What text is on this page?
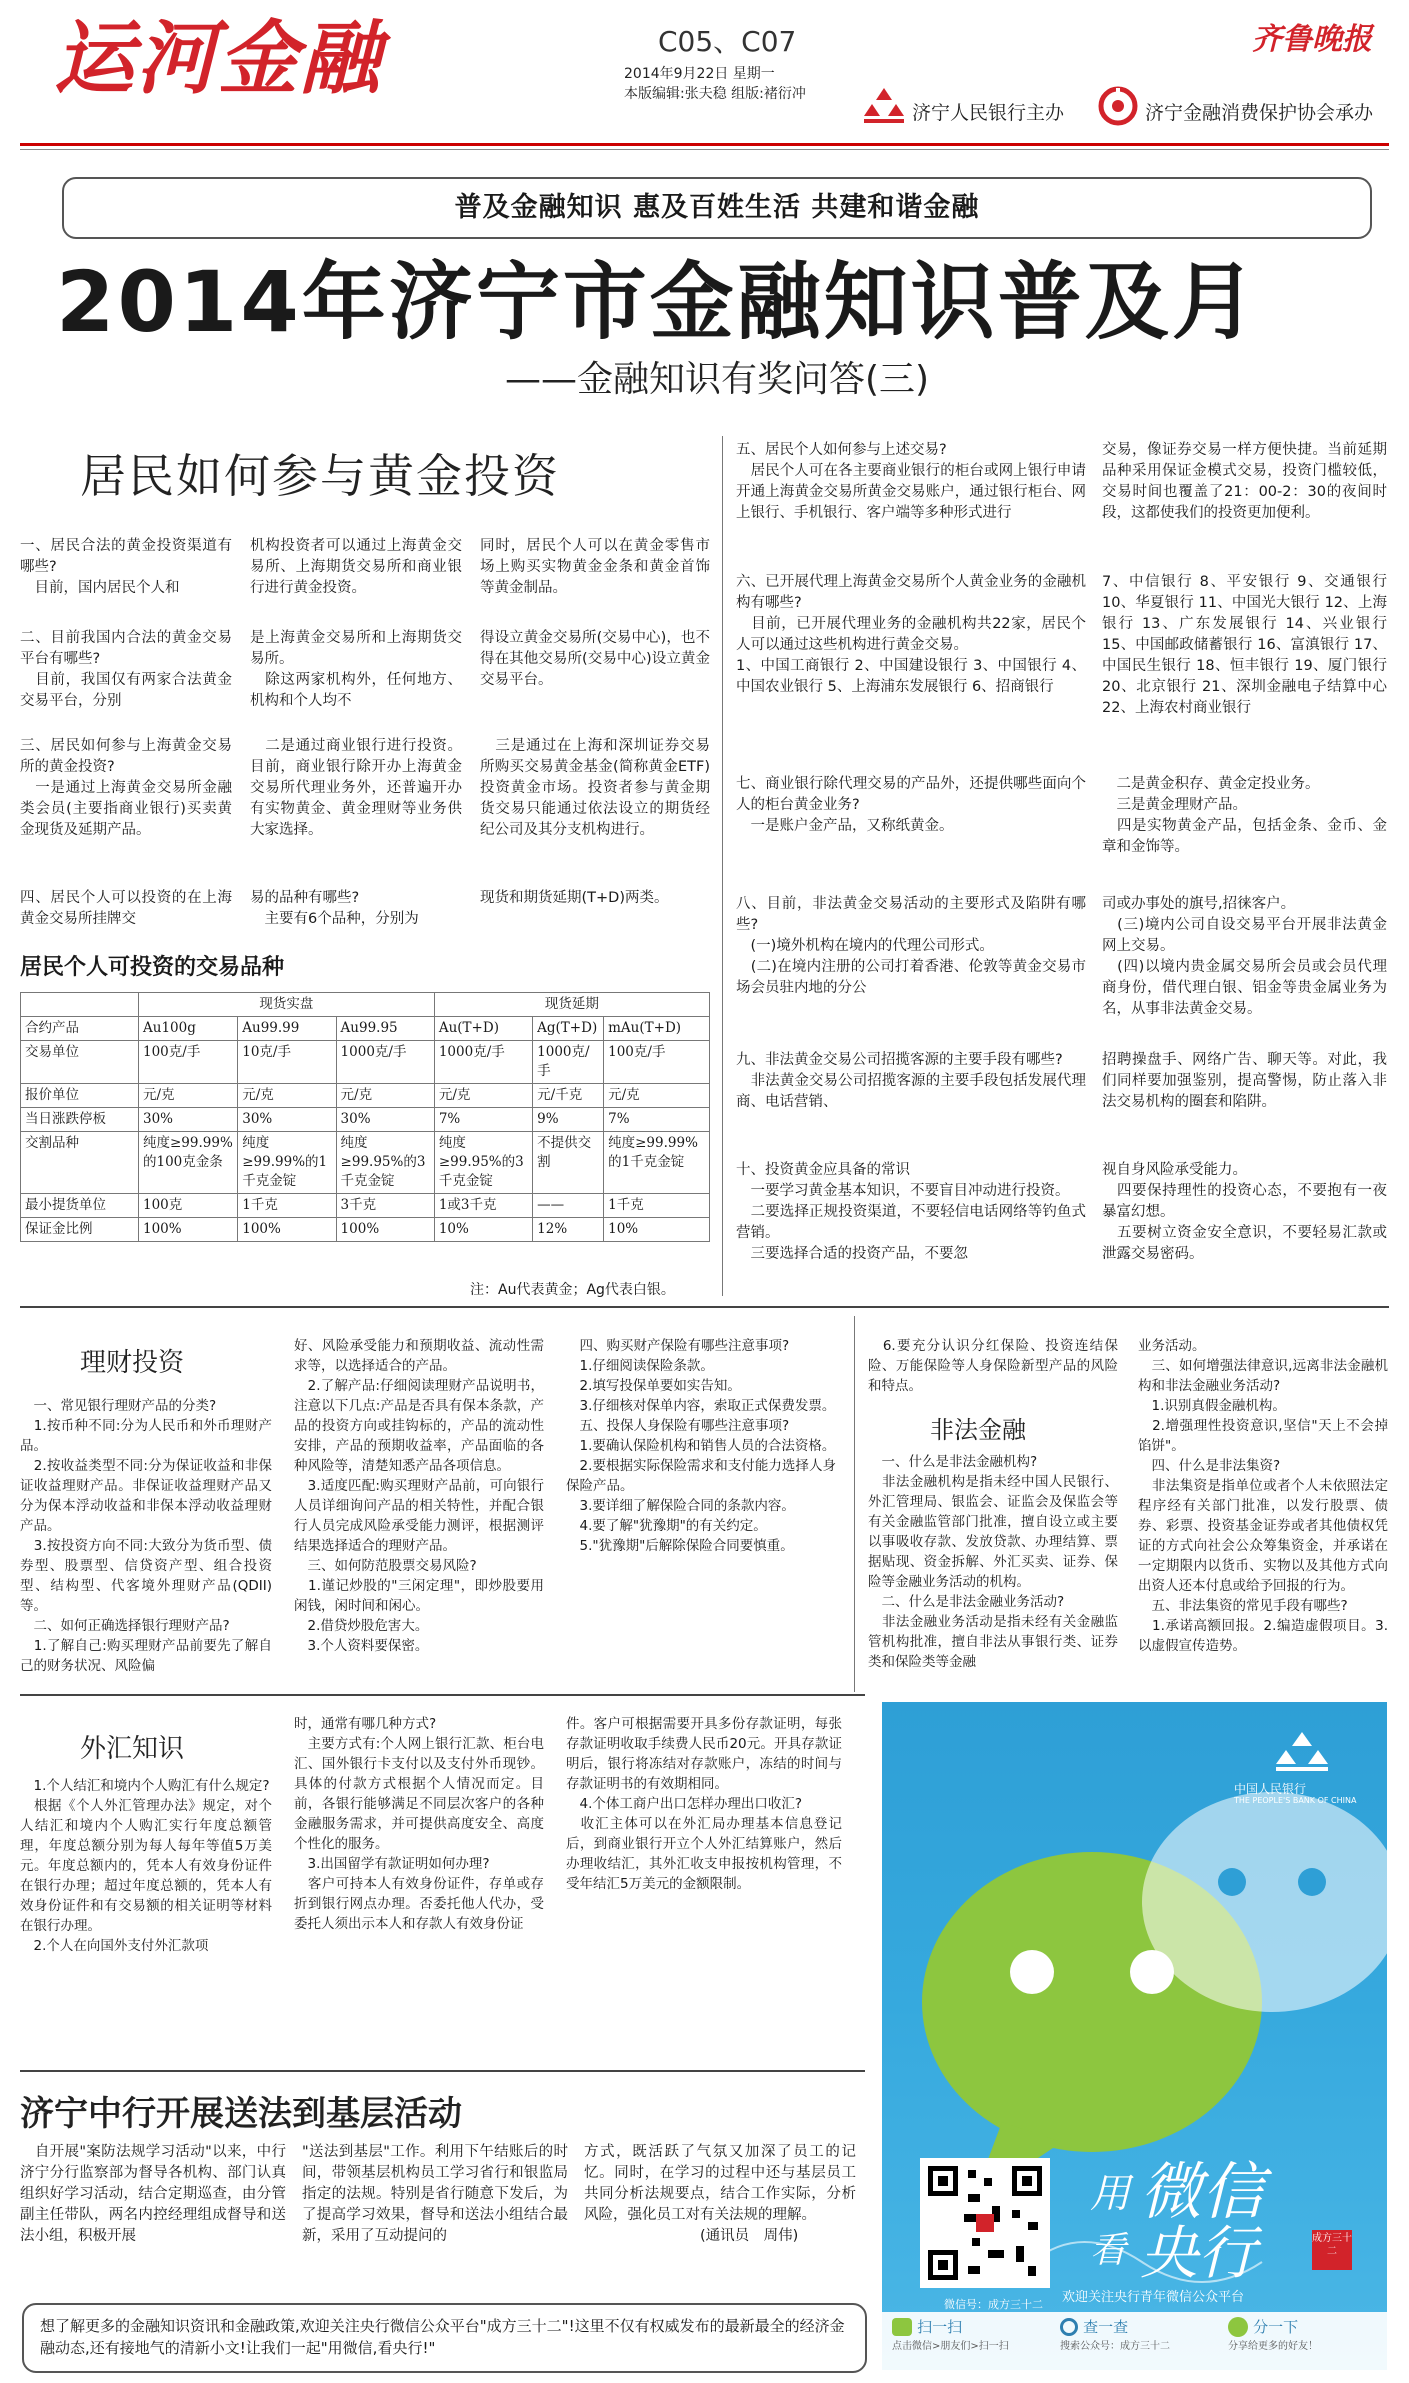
运河金融	C05、C07
2014年9月22日 星期一
本版编辑:张夫稳 组版:褚衍冲
齐鲁晚报
济宁人民银行主办	济宁金融消费保护协会承办
普及金融知识 惠及百姓生活 共建和谐金融
2014年济宁市金融知识普及月
——金融知识有奖问答(三)
居民如何参与黄金投资
一、居民合法的黄金投资渠道有哪些?
　目前，国内居民个人和
机构投资者可以通过上海黄金交易所、上海期货交易所和商业银行进行黄金投资。
同时，居民个人可以在黄金零售市场上购买实物黄金金条和黄金首饰等黄金制品。
二、目前我国内合法的黄金交易平台有哪些?
　目前，我国仅有两家合法黄金交易平台，分别
是上海黄金交易所和上海期货交易所。
　除这两家机构外，任何地方、机构和个人均不
得设立黄金交易所(交易中心)，也不得在其他交易所(交易中心)设立黄金交易平台。
三、居民如何参与上海黄金交易所的黄金投资?
　一是通过上海黄金交易所金融类会员(主要指商业银行)买卖黄金现货及延期产品。
　二是通过商业银行进行投资。目前，商业银行除开办上海黄金交易所代理业务外，还普遍开办有实物黄金、黄金理财等业务供大家选择。
　三是通过在上海和深圳证券交易所购买交易黄金基金(简称黄金ETF)投资黄金市场。投资者参与黄金期货交易只能通过依法设立的期货经纪公司及其分支机构进行。
四、居民个人可以投资的在上海黄金交易所挂牌交
易的品种有哪些?
　主要有6个品种，分别为
现货和期货延期(T+D)两类。
居民个人可投资的交易品种
	现货实盘			现货延期		
合约产品	Au100g	Au99.99	Au99.95	Au(T+D)	Ag(T+D)	mAu(T+D)
交易单位	100克/手	10克/手	1000克/手	1000克/手	1000克/手	100克/手
报价单位	元/克	元/克	元/克	元/克	元/千克	元/克
当日涨跌停板	30%	30%	30%	7%	9%	7%
交割品种	纯度≥99.99%的100克金条	纯度≥99.99%的1千克金锭	纯度≥99.95%的3千克金锭	纯度≥99.95%的3千克金锭	不提供交割	纯度≥99.99%的1千克金锭
最小提货单位	100克	1千克	3千克	1或3千克	——	1千克
保证金比例	100%	100%	100%	10%	12%	10%
注：Au代表黄金；Ag代表白银。
五、居民个人如何参与上述交易?
　居民个人可在各主要商业银行的柜台或网上银行申请开通上海黄金交易所黄金交易账户，通过银行柜台、网上银行、手机银行、客户端等多种形式进行
交易，像证券交易一样方便快捷。当前延期品种采用保证金模式交易，投资门槛较低，交易时间也覆盖了21：00-2：30的夜间时段，这都使我们的投资更加便利。
六、已开展代理上海黄金交易所个人黄金业务的金融机构有哪些?
　目前，已开展代理业务的金融机构共22家，居民个人可以通过这些机构进行黄金交易。
1、中国工商银行 2、中国建设银行 3、中国银行 4、中国农业银行 5、上海浦东发展银行 6、招商银行
7、中信银行 8、平安银行 9、交通银行 10、华夏银行 11、中国光大银行 12、上海银行 13、广东发展银行 14、兴业银行 15、中国邮政储蓄银行 16、富滇银行 17、中国民生银行 18、恒丰银行 19、厦门银行 20、北京银行 21、深圳金融电子结算中心 22、上海农村商业银行
七、商业银行除代理交易的产品外，还提供哪些面向个人的柜台黄金业务?
　一是账户金产品，又称纸黄金。
　二是黄金积存、黄金定投业务。
　三是黄金理财产品。
　四是实物黄金产品，包括金条、金币、金章和金饰等。
八、目前，非法黄金交易活动的主要形式及陷阱有哪些?
　(一)境外机构在境内的代理公司形式。
　(二)在境内注册的公司打着香港、伦敦等黄金交易市场会员驻内地的分公
司或办事处的旗号,招徕客户。
　(三)境内公司自设交易平台开展非法黄金网上交易。
　(四)以境内贵金属交易所会员或会员代理商身份，借代理白银、铝金等贵金属业务为名，从事非法黄金交易。
九、非法黄金交易公司招揽客源的主要手段有哪些?
　非法黄金交易公司招揽客源的主要手段包括发展代理商、电话营销、
招聘操盘手、网络广告、聊天等。对此，我们同样要加强鉴别，提高警惕，防止落入非法交易机构的圈套和陷阱。
十、投资黄金应具备的常识
　一要学习黄金基本知识，不要盲目冲动进行投资。
　二要选择正规投资渠道，不要轻信电话网络等钓鱼式营销。
　三要选择合适的投资产品，不要忽
视自身风险承受能力。
　四要保持理性的投资心态，不要抱有一夜暴富幻想。
　五要树立资金安全意识，不要轻易汇款或泄露交易密码。
理财投资
　一、常见银行理财产品的分类?
　1.按币种不同:分为人民币和外币理财产品。
　2.按收益类型不同:分为保证收益和非保证收益理财产品。非保证收益理财产品又分为保本浮动收益和非保本浮动收益理财产品。
　3.按投资方向不同:大致分为货币型、债券型、股票型、信贷资产型、组合投资型、结构型、代客境外理财产品(QDII)等。
　二、如何正确选择银行理财产品?
　1.了解自己:购买理财产品前要先了解自己的财务状况、风险偏
好、风险承受能力和预期收益、流动性需求等，以选择适合的产品。
　2.了解产品:仔细阅读理财产品说明书，注意以下几点:产品是否具有保本条款，产品的投资方向或挂钩标的，产品的流动性安排，产品的预期收益率，产品面临的各种风险等，清楚知悉产品各项信息。
　3.适度匹配:购买理财产品前，可向银行人员详细询问产品的相关特性，并配合银行人员完成风险承受能力测评，根据测评结果选择适合的理财产品。
　三、如何防范股票交易风险?
　1.谨记炒股的"三闲定理"，即炒股要用闲钱，闲时间和闲心。
　2.借贷炒股危害大。
　3.个人资料要保密。
　四、购买财产保险有哪些注意事项?
　1.仔细阅读保险条款。
　2.填写投保单要如实告知。
　3.仔细核对保单内容，索取正式保费发票。
　五、投保人身保险有哪些注意事项?
　1.要确认保险机构和销售人员的合法资格。
　2.要根据实际保险需求和支付能力选择人身保险产品。
　3.要详细了解保险合同的条款内容。
　4.要了解"犹豫期"的有关约定。
　5."犹豫期"后解除保险合同要慎重。
　6.要充分认识分红保险、投资连结保险、万能保险等人身保险新型产品的风险和特点。
非法金融
　一、什么是非法金融机构?
　非法金融机构是指未经中国人民银行、外汇管理局、银监会、证监会及保监会等有关金融监管部门批准，擅自设立或主要以事吸收存款、发放贷款、办理结算、票据贴现、资金拆解、外汇买卖、证券、保险等金融业务活动的机构。
　二、什么是非法金融业务活动?
　非法金融业务活动是指未经有关金融监管机构批准，擅自非法从事银行类、证券类和保险类等金融
业务活动。
　三、如何增强法律意识,远离非法金融机构和非法金融业务活动?
　1.识别真假金融机构。
　2.增强理性投资意识,坚信"天上不会掉馅饼"。
　四、什么是非法集资?
　非法集资是指单位或者个人未依照法定程序经有关部门批准，以发行股票、债券、彩票、投资基金证券或者其他债权凭证的方式向社会公众筹集资金，并承诺在一定期限内以货币、实物以及其他方式向出资人还本付息或给予回报的行为。
　五、非法集资的常见手段有哪些?
　1.承诺高额回报。2.编造虚假项目。3.以虚假宣传造势。
外汇知识
　1.个人结汇和境内个人购汇有什么规定?
　根据《个人外汇管理办法》规定，对个人结汇和境内个人购汇实行年度总额管理，年度总额分别为每人每年等值5万美元。年度总额内的，凭本人有效身份证件在银行办理；超过年度总额的，凭本人有效身份证件和有交易额的相关证明等材料在银行办理。
　2.个人在向国外支付外汇款项
时，通常有哪几种方式?
　主要方式有:个人网上银行汇款、柜台电汇、国外银行卡支付以及支付外币现钞。具体的付款方式根据个人情况而定。目前，各银行能够满足不同层次客户的各种金融服务需求，并可提供高度安全、高度个性化的服务。
　3.出国留学有款证明如何办理?
　客户可持本人有效身份证件，存单或存折到银行网点办理。否委托他人代办，受委托人须出示本人和存款人有效身份证
件。客户可根据需要开具多份存款证明，每张存款证明收取手续费人民币20元。开具存款证明后，银行将冻结对存款账户，冻结的时间与存款证明书的有效期相同。
　4.个体工商户出口怎样办理出口收汇?
　收汇主体可以在外汇局办理基本信息登记后，到商业银行开立个人外汇结算账户，然后办理收结汇，其外汇收支申报按机构管理，不受年结汇5万美元的金额限制。
济宁中行开展送法到基层活动
　自开展"案防法规学习活动"以来，中行济宁分行监察部为督导各机构、部门认真组织好学习活动，结合定期巡查，由分管副主任带队，两名内控经理组成督导和送法小组，积极开展
"送法到基层"工作。利用下午结账后的时间，带领基层机构员工学习省行和银监局指定的法规。特别是省行随意下发后，为了提高学习效果，督导和送法小组结合最新，采用了互动提问的
方式，既活跃了气氛又加深了员工的记忆。同时，在学习的过程中还与基层员工共同分析法规要点，结合工作实际，分析风险，强化员工对有关法规的理解。
　　　　　　　　(通讯员　周伟)
中国人民银行
THE PEOPLE'S BANK OF CHINA
微信号：成方三十二
用 微信
看 央行	成方三十二
欢迎关注央行青年微信公众平台
扫一扫
点击微信>朋友们>扫一扫
查一查
搜索公众号：成方三十二
分一下
分享给更多的好友！
想了解更多的金融知识资讯和金融政策,欢迎关注央行微信公众平台"成方三十二"!这里不仅有权威发布的最新最全的经济金融动态,还有接地气的清新小文!让我们一起"用微信,看央行!"
